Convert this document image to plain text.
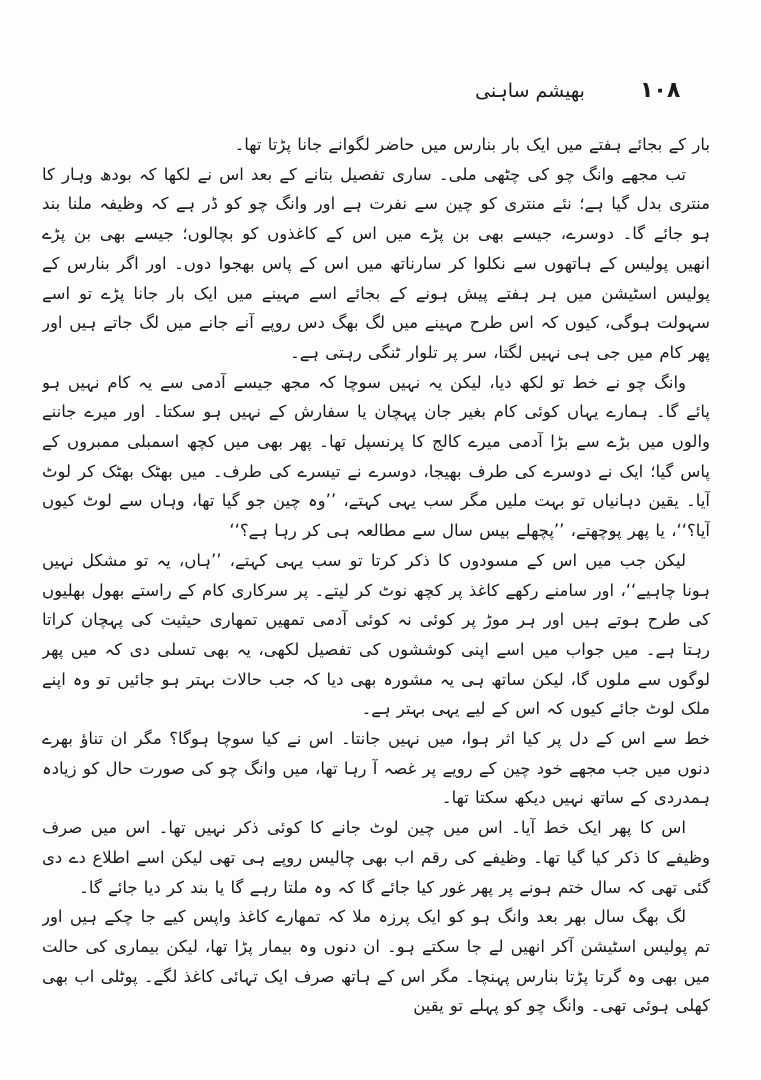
بھیشم ساہنی	۱۰۸

بار کے بجائے ہفتے میں ایک بار بنارس میں حاضر لگوانے جانا پڑتا تھا۔

تب مجھے وانگ چو کی چٹھی ملی۔ ساری تفصیل بتانے کے بعد اس نے لکھا کہ بودھ وہار کا منتری بدل گیا ہے؛ نئے منتری کو چین سے نفرت ہے اور وانگ چو کو ڈر ہے کہ وظیفہ ملنا بند ہو جائے گا۔ دوسرے، جیسے بھی بن پڑے میں اس کے کاغذوں کو بچالوں؛ جیسے بھی بن پڑے انھیں پولیس کے ہاتھوں سے نکلوا کر سارناتھ میں اس کے پاس بھجوا دوں۔ اور اگر بنارس کے پولیس اسٹیشن میں ہر ہفتے پیش ہونے کے بجائے اسے مہینے میں ایک بار جانا پڑے تو اسے سہولت ہوگی، کیوں کہ اس طرح مہینے میں لگ بھگ دس روپے آنے جانے میں لگ جاتے ہیں اور پھر کام میں جی ہی نہیں لگتا، سر پر تلوار ٹنگی رہتی ہے۔

وانگ چو نے خط تو لکھ دیا، لیکن یہ نہیں سوچا کہ مجھ جیسے آدمی سے یہ کام نہیں ہو پائے گا۔ ہمارے یہاں کوئی کام بغیر جان پہچان یا سفارش کے نہیں ہو سکتا۔ اور میرے جاننے والوں میں بڑے سے بڑا آدمی میرے کالج کا پرنسپل تھا۔ پھر بھی میں کچھ اسمبلی ممبروں کے پاس گیا؛ ایک نے دوسرے کی طرف بھیجا، دوسرے نے تیسرے کی طرف۔ میں بھٹک بھٹک کر لوٹ آیا۔ یقین دہانیاں تو بہت ملیں مگر سب یہی کہتے، ’’وہ چین جو گیا تھا، وہاں سے لوٹ کیوں آیا؟‘‘، یا پھر پوچھتے، ’’پچھلے بیس سال سے مطالعہ ہی کر رہا ہے؟‘‘

لیکن جب میں اس کے مسودوں کا ذکر کرتا تو سب یہی کہتے، ’’ہاں، یہ تو مشکل نہیں ہونا چاہیے‘‘، اور سامنے رکھے کاغذ پر کچھ نوٹ کر لیتے۔ پر سرکاری کام کے راستے بھول بھلیوں کی طرح ہوتے ہیں اور ہر موڑ پر کوئی نہ کوئی آدمی تمھیں تمھاری حیثیت کی پہچان کراتا رہتا ہے۔ میں جواب میں اسے اپنی کوششوں کی تفصیل لکھی، یہ بھی تسلی دی کہ میں پھر لوگوں سے ملوں گا، لیکن ساتھ ہی یہ مشورہ بھی دیا کہ جب حالات بہتر ہو جائیں تو وہ اپنے ملک لوٹ جائے کیوں کہ اس کے لیے یہی بہتر ہے۔

خط سے اس کے دل پر کیا اثر ہوا، میں نہیں جانتا۔ اس نے کیا سوچا ہوگا؟ مگر ان تناؤ بھرے دنوں میں جب مجھے خود چین کے رویے پر غصہ آ رہا تھا، میں وانگ چو کی صورت حال کو زیادہ ہمدردی کے ساتھ نہیں دیکھ سکتا تھا۔

اس کا پھر ایک خط آیا۔ اس میں چین لوٹ جانے کا کوئی ذکر نہیں تھا۔ اس میں صرف وظیفے کا ذکر کیا گیا تھا۔ وظیفے کی رقم اب بھی چالیس روپے ہی تھی لیکن اسے اطلاع دے دی گئی تھی کہ سال ختم ہونے پر پھر غور کیا جائے گا کہ وہ ملتا رہے گا یا بند کر دیا جائے گا۔

لگ بھگ سال بھر بعد وانگ ہو کو ایک پرزہ ملا کہ تمھارے کاغذ واپس کیے جا چکے ہیں اور تم پولیس اسٹیشن آکر انھیں لے جا سکتے ہو۔ ان دنوں وہ بیمار پڑا تھا، لیکن بیماری کی حالت میں بھی وہ گرتا پڑتا بنارس پہنچا۔ مگر اس کے ہاتھ صرف ایک تہائی کاغذ لگے۔ پوٹلی اب بھی کھلی ہوئی تھی۔ وانگ چو کو پہلے تو یقین
